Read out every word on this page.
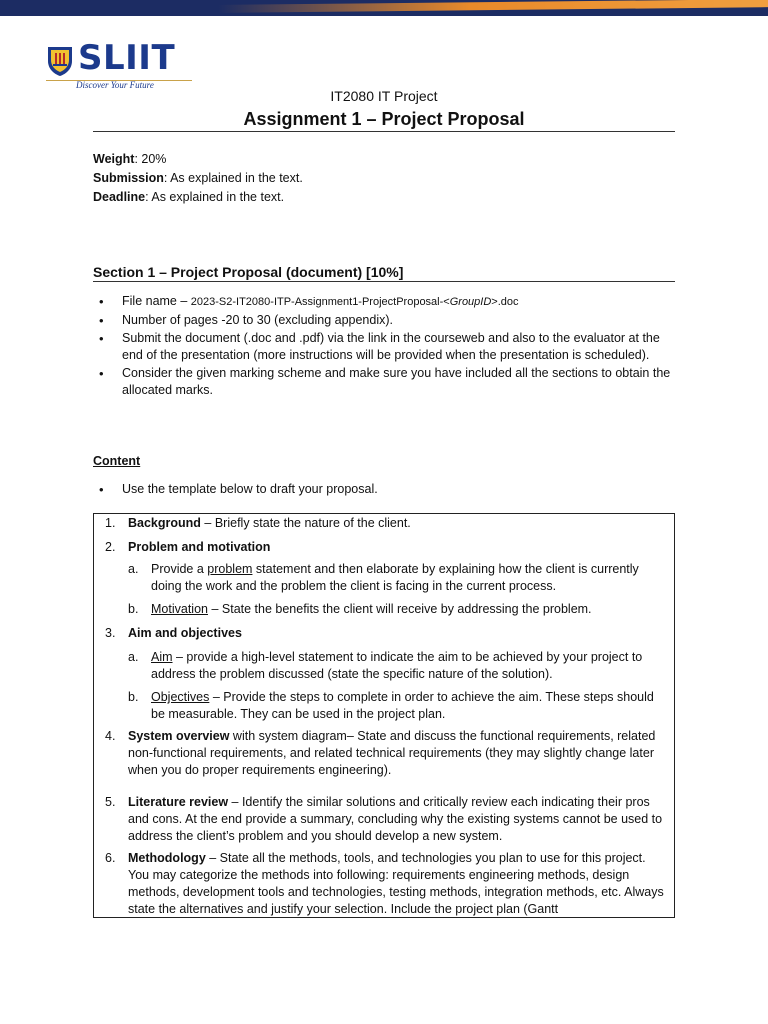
SLIIT
Discover Your Future
IT2080 IT Project
Assignment 1 – Project Proposal

Weight: 20%

Submission: As explained in the text.

Deadline: As explained in the text.

Section 1 – Project Proposal (document) [10%]
• File name – 2023-S2-IT2080-ITP-Assignment1-ProjectProposal-<GroupID>.doc
• Number of pages -20 to 30 (excluding appendix).
• Submit the document (.doc and .pdf) via the link in the courseweb and also to the evaluator at the end of the presentation (more instructions will be provided when the presentation is scheduled).
• Consider the given marking scheme and make sure you have included all the sections to obtain the allocated marks.
Content
• Use the template below to draft your proposal.
1. Background – Briefly state the nature of the client.
2. Problem and motivation
a. Provide a problem statement and then elaborate by explaining how the client is currently doing the work and the problem the client is facing in the current process.
b. Motivation – State the benefits the client will receive by addressing the problem.
3. Aim and objectives
a. Aim – provide a high-level statement to indicate the aim to be achieved by your project to address the problem discussed (state the specific nature of the solution).
b. Objectives – Provide the steps to complete in order to achieve the aim. These steps should be measurable. They can be used in the project plan.
4. System overview with system diagram– State and discuss the functional requirements, related non-functional requirements, and related technical requirements (they may slightly change later when you do proper requirements engineering).
5. Literature review – Identify the similar solutions and critically review each indicating their pros and cons. At the end provide a summary, concluding why the existing systems cannot be used to address the client’s problem and you should develop a new system.
6. Methodology – State all the methods, tools, and technologies you plan to use for this project. You may categorize the methods into following: requirements engineering methods, design methods, development tools and technologies, testing methods, integration methods, etc. Always state the alternatives and justify your selection. Include the project plan (Gantt
